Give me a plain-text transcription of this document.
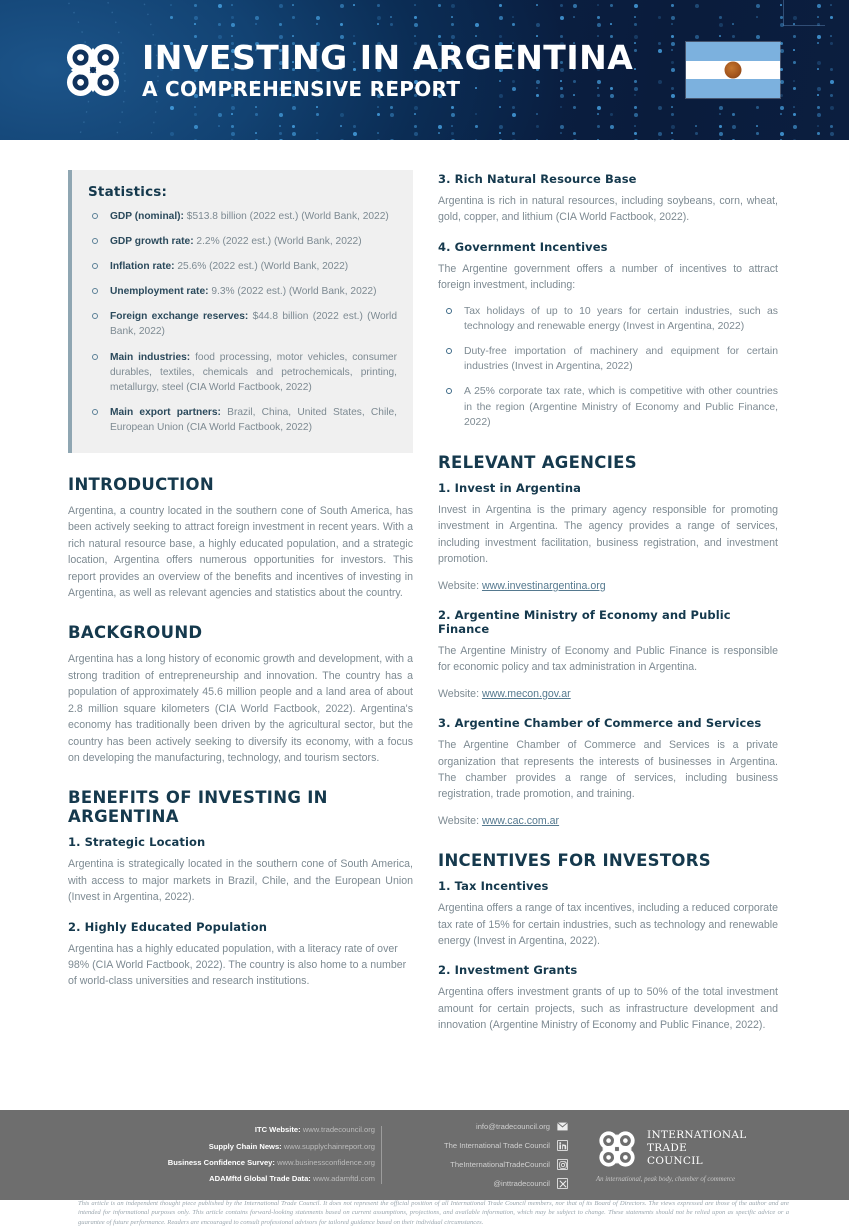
INVESTING IN ARGENTINA
A COMPREHENSIVE REPORT
Statistics:
GDP (nominal): $513.8 billion (2022 est.) (World Bank, 2022)
GDP growth rate: 2.2% (2022 est.) (World Bank, 2022)
Inflation rate: 25.6% (2022 est.) (World Bank, 2022)
Unemployment rate: 9.3% (2022 est.) (World Bank, 2022)
Foreign exchange reserves: $44.8 billion (2022 est.) (World Bank, 2022)
Main industries: food processing, motor vehicles, consumer durables, textiles, chemicals and petrochemicals, printing, metallurgy, steel (CIA World Factbook, 2022)
Main export partners: Brazil, China, United States, Chile, European Union (CIA World Factbook, 2022)
INTRODUCTION

Argentina, a country located in the southern cone of South America, has been actively seeking to attract foreign investment in recent years. With a rich natural resource base, a highly educated population, and a strategic location, Argentina offers numerous opportunities for investors. This report provides an overview of the benefits and incentives of investing in Argentina, as well as relevant agencies and statistics about the country.

BACKGROUND

Argentina has a long history of economic growth and development, with a strong tradition of entrepreneurship and innovation. The country has a population of approximately 45.6 million people and a land area of about 2.8 million square kilometers (CIA World Factbook, 2022). Argentina's economy has traditionally been driven by the agricultural sector, but the country has been actively seeking to diversify its economy, with a focus on developing the manufacturing, technology, and tourism sectors.

BENEFITS OF INVESTING IN ARGENTINA
1. Strategic Location

Argentina is strategically located in the southern cone of South America, with access to major markets in Brazil, Chile, and the European Union (Invest in Argentina, 2022).

2. Highly Educated Population

Argentina has a highly educated population, with a literacy rate of over 98% (CIA World Factbook, 2022). The country is also home to a number of world-class universities and research institutions.

3. Rich Natural Resource Base

Argentina is rich in natural resources, including soybeans, corn, wheat, gold, copper, and lithium (CIA World Factbook, 2022).

4. Government Incentives

The Argentine government offers a number of incentives to attract foreign investment, including:

Tax holidays of up to 10 years for certain industries, such as technology and renewable energy (Invest in Argentina, 2022)
Duty-free importation of machinery and equipment for certain industries (Invest in Argentina, 2022)
A 25% corporate tax rate, which is competitive with other countries in the region (Argentine Ministry of Economy and Public Finance, 2022)
RELEVANT AGENCIES
1. Invest in Argentina

Invest in Argentina is the primary agency responsible for promoting investment in Argentina. The agency provides a range of services, including investment facilitation, business registration, and investment promotion.

Website: www.investinargentina.org
2. Argentine Ministry of Economy and Public Finance

The Argentine Ministry of Economy and Public Finance is responsible for economic policy and tax administration in Argentina.

Website: www.mecon.gov.ar
3. Argentine Chamber of Commerce and Services

The Argentine Chamber of Commerce and Services is a private organization that represents the interests of businesses in Argentina. The chamber provides a range of services, including business registration, trade promotion, and training.

Website: www.cac.com.ar
INCENTIVES FOR INVESTORS
1. Tax Incentives

Argentina offers a range of tax incentives, including a reduced corporate tax rate of 15% for certain industries, such as technology and renewable energy (Invest in Argentina, 2022).

2. Investment Grants

Argentina offers investment grants of up to 50% of the total investment amount for certain projects, such as infrastructure development and innovation (Argentine Ministry of Economy and Public Finance, 2022).

This article is an independent thought piece published by the International Trade Council. It does not represent the official position of all International Trade Council members, nor that of its Board of Directors. The views expressed are those of the author and are intended for informational purposes only. This article contains forward-looking statements based on current assumptions, projections, and available information, which may be subject to change. These statements should not be relied upon as specific advice or a guarantee of future performance. Readers are encouraged to consult professional advisors for tailored guidance based on their individual circumstances.
ITC Website: www.tradecouncil.org
Supply Chain News: www.supplychainreport.org
Business Confidence Survey: www.businessconfidence.org
ADAMftd Global Trade Data: www.adamftd.com
info@tradecouncil.org
The International Trade Council
TheInternationalTradeCouncil
@inttradecouncil
INTERNATIONAL
TRADE
COUNCIL
An international, peak body, chamber of commerce
